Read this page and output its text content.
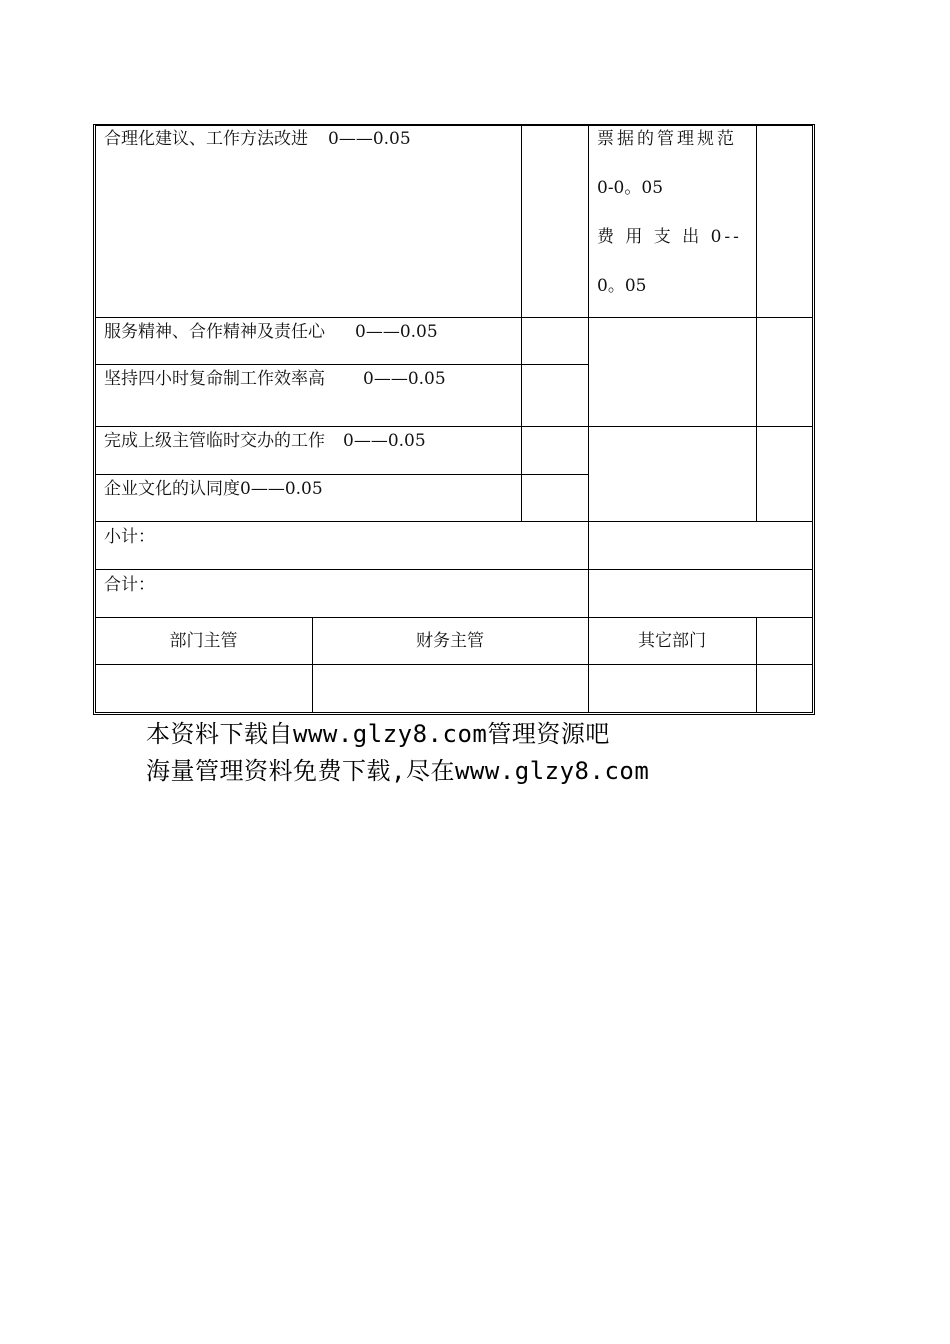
合理化建议、工作方法改进 0——0.05
服务精神、合作精神及责任心 0——0.05
坚持四小时复命制工作效率高 0——0.05
完成上级主管临时交办的工作 0——0.05
企业文化的认同度0——0.05
票据的管理规范
0-0。05
费 用 支 出 0--
0。05
小计：
合计：
部门主管	财务主管	其它部门
本资料下载自www.glzy8.com管理资源吧
海量管理资料免费下载,尽在www.glzy8.com
